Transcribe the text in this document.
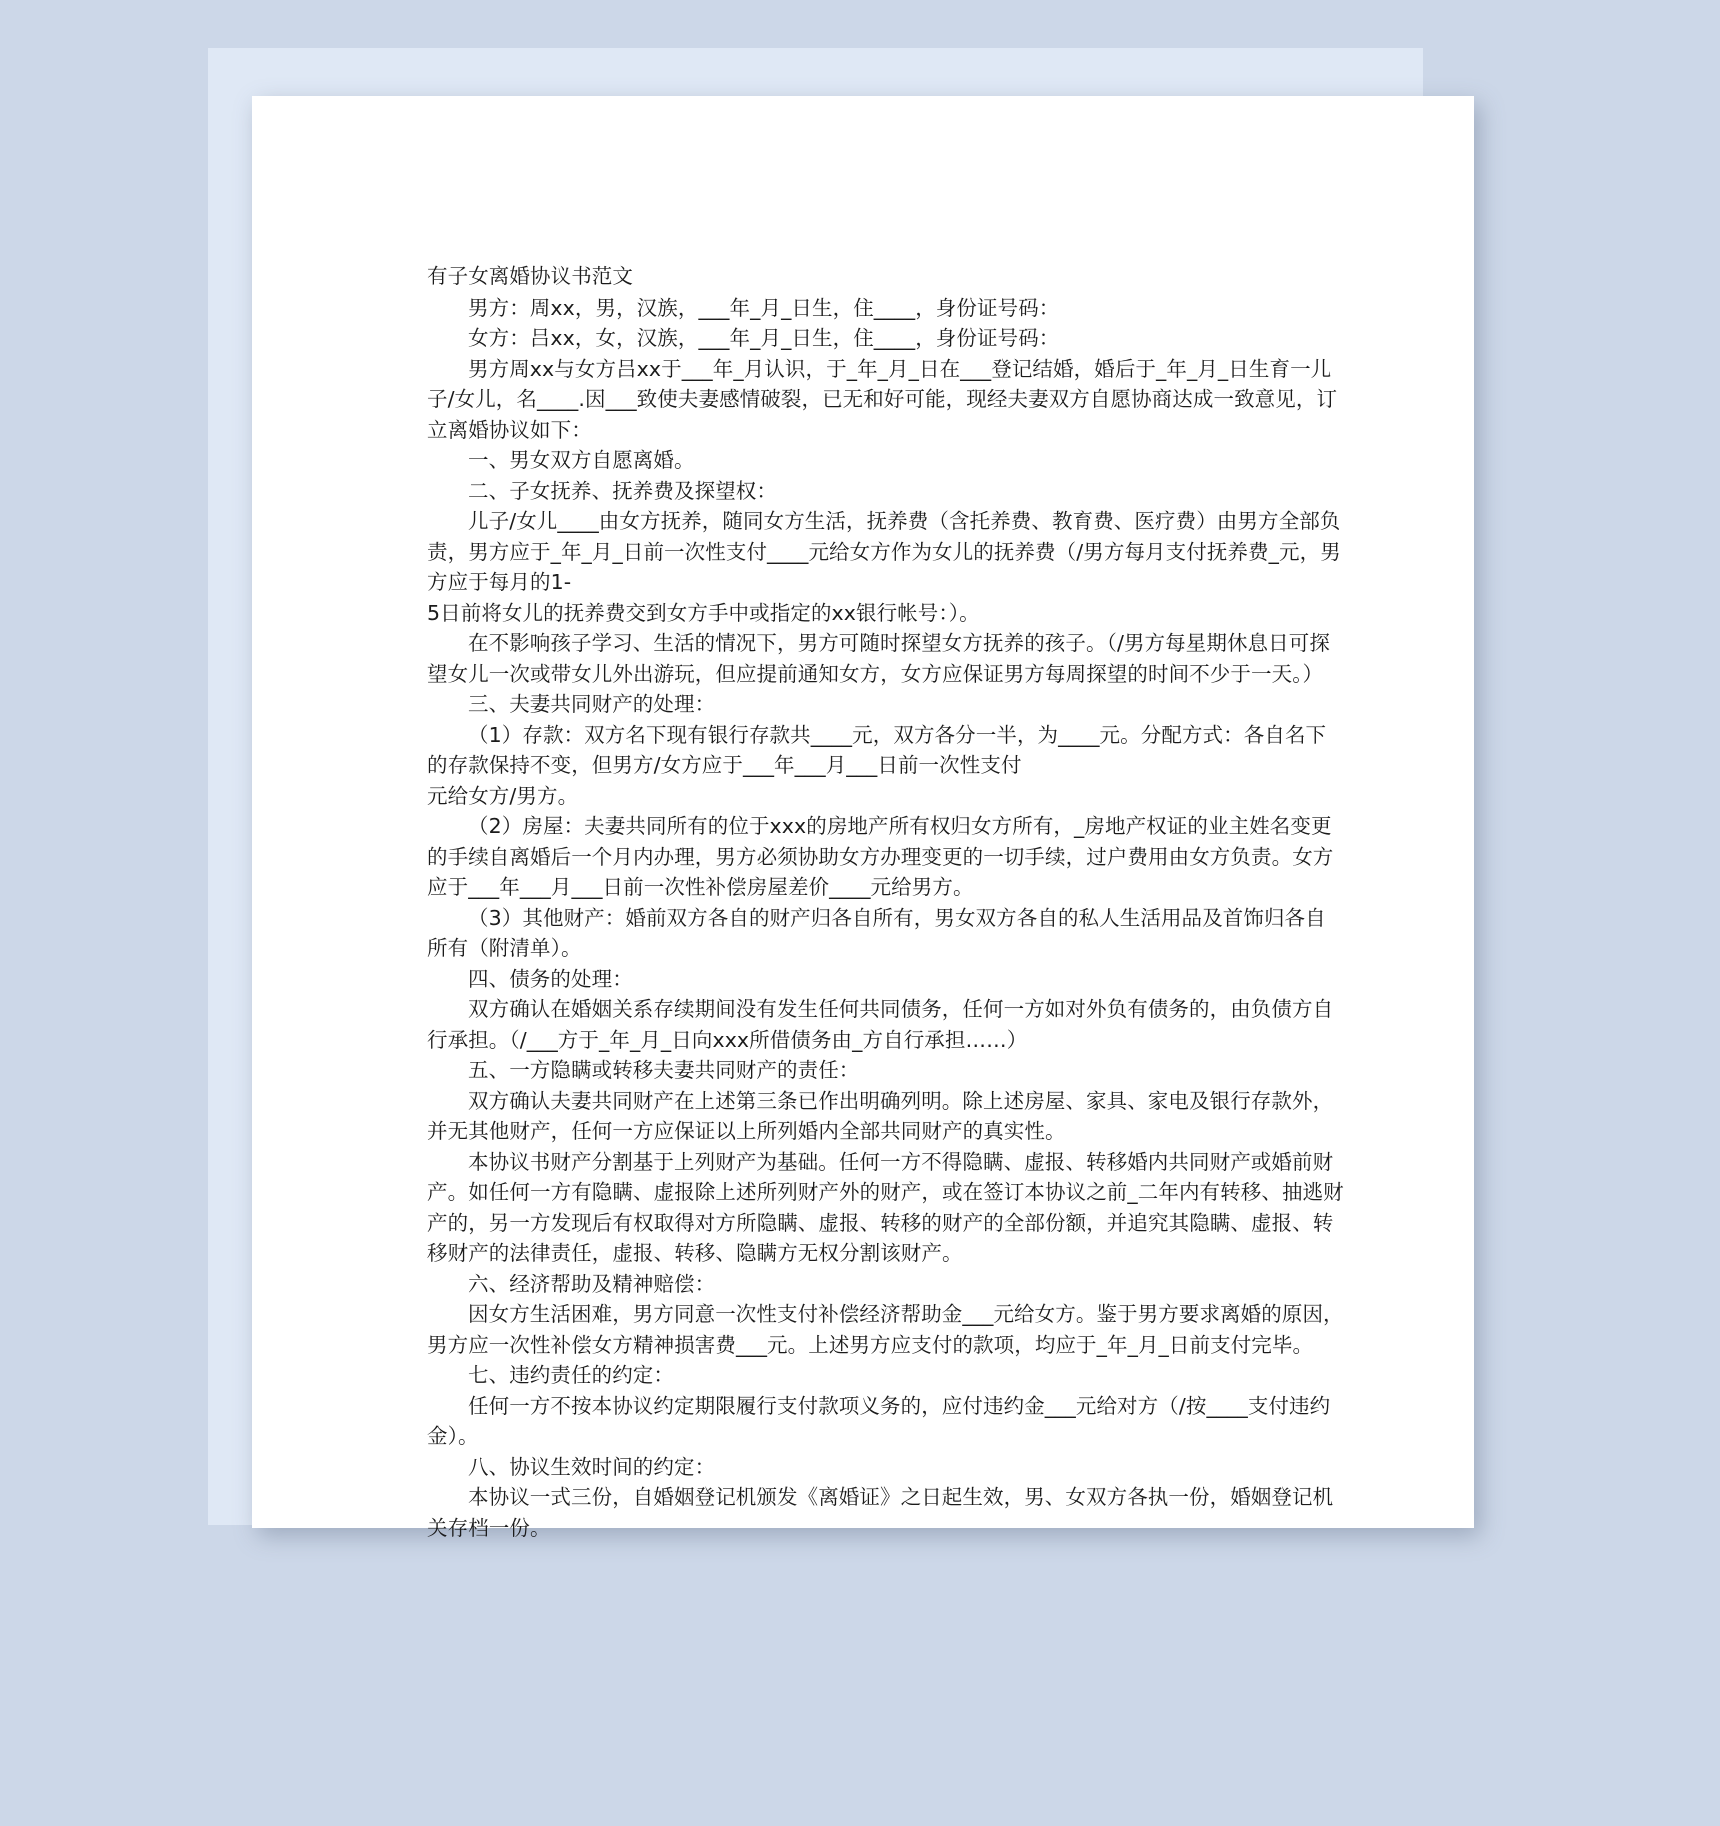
有子女离婚协议书范文

男方：周xx，男，汉族，___年_月_日生，住____，身份证号码：

女方：吕xx，女，汉族，___年_月_日生，住____，身份证号码：

男方周xx与女方吕xx于___年_月认识，于_年_月_日在___登记结婚，婚后于_年_月_日生育一儿子/女儿，名____.因___致使夫妻感情破裂，已无和好可能，现经夫妻双方自愿协商达成一致意见，订立离婚协议如下：

一、男女双方自愿离婚。

二、子女抚养、抚养费及探望权：

儿子/女儿____由女方抚养，随同女方生活，抚养费（含托养费、教育费、医疗费）由男方全部负责，男方应于_年_月_日前一次性支付____元给女方作为女儿的抚养费（/男方每月支付抚养费_元，男方应于每月的1-

5日前将女儿的抚养费交到女方手中或指定的xx银行帐号：）。

在不影响孩子学习、生活的情况下，男方可随时探望女方抚养的孩子。（/男方每星期休息日可探望女儿一次或带女儿外出游玩，但应提前通知女方，女方应保证男方每周探望的时间不少于一天。）

三、夫妻共同财产的处理：

（1）存款：双方名下现有银行存款共____元，双方各分一半，为____元。分配方式：各自名下的存款保持不变，但男方/女方应于___年___月___日前一次性支付

元给女方/男方。

（2）房屋：夫妻共同所有的位于xxx的房地产所有权归女方所有，_房地产权证的业主姓名变更的手续自离婚后一个月内办理，男方必须协助女方办理变更的一切手续，过户费用由女方负责。女方应于___年___月___日前一次性补偿房屋差价____元给男方。

（3）其他财产：婚前双方各自的财产归各自所有，男女双方各自的私人生活用品及首饰归各自所有（附清单）。

四、债务的处理：

双方确认在婚姻关系存续期间没有发生任何共同债务，任何一方如对外负有债务的，由负债方自行承担。（/___方于_年_月_日向xxx所借债务由_方自行承担……）

五、一方隐瞒或转移夫妻共同财产的责任：

双方确认夫妻共同财产在上述第三条已作出明确列明。除上述房屋、家具、家电及银行存款外，并无其他财产，任何一方应保证以上所列婚内全部共同财产的真实性。

本协议书财产分割基于上列财产为基础。任何一方不得隐瞒、虚报、转移婚内共同财产或婚前财产。如任何一方有隐瞒、虚报除上述所列财产外的财产，或在签订本协议之前_二年内有转移、抽逃财产的，另一方发现后有权取得对方所隐瞒、虚报、转移的财产的全部份额，并追究其隐瞒、虚报、转移财产的法律责任，虚报、转移、隐瞒方无权分割该财产。

六、经济帮助及精神赔偿：

因女方生活困难，男方同意一次性支付补偿经济帮助金___元给女方。鉴于男方要求离婚的原因，男方应一次性补偿女方精神损害费___元。上述男方应支付的款项，均应于_年_月_日前支付完毕。

七、违约责任的约定：

任何一方不按本协议约定期限履行支付款项义务的，应付违约金___元给对方（/按____支付违约金）。

八、协议生效时间的约定：

本协议一式三份，自婚姻登记机颁发《离婚证》之日起生效，男、女双方各执一份，婚姻登记机关存档一份。
